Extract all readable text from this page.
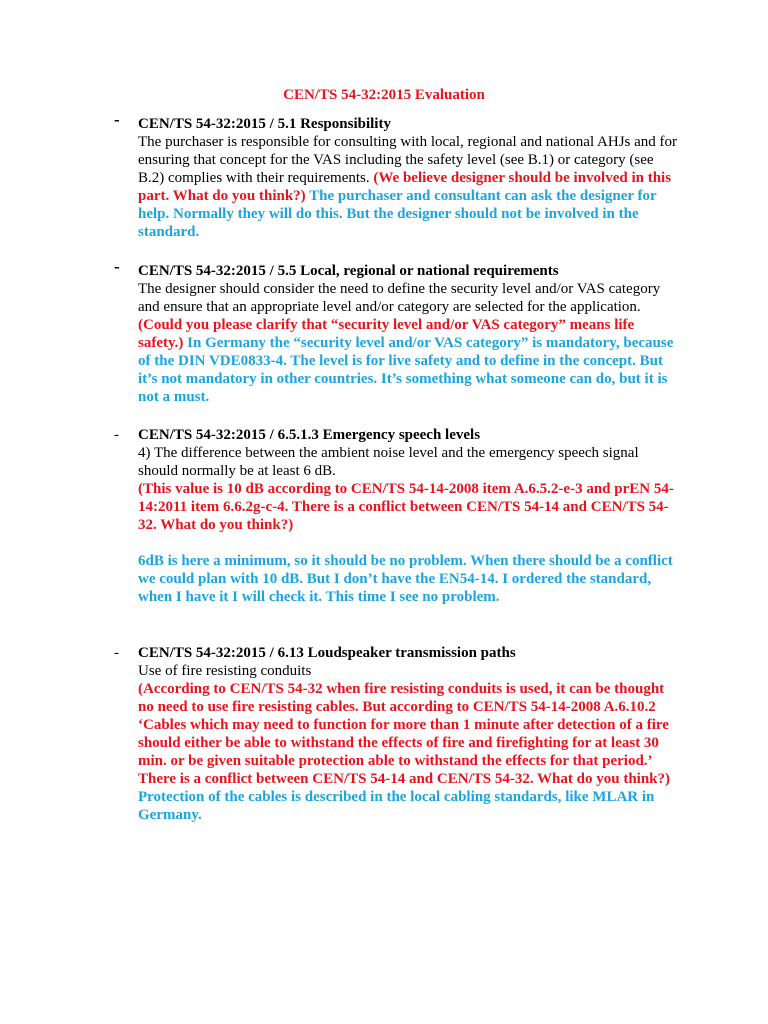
CEN/TS 54-32:2015 Evaluation
-	CEN/TS 54-32:2015 / 5.1 Responsibility
The purchaser is responsible for consulting with local, regional and national AHJs and for ensuring that concept for the VAS including the safety level (see B.1) or category (see B.2) complies with their requirements. (We believe designer should be involved in this part. What do you think?) The purchaser and consultant can ask the designer for help. Normally they will do this. But the designer should not be involved in the standard.
-	CEN/TS 54-32:2015 / 5.5 Local, regional or national requirements
The designer should consider the need to define the security level and/or VAS category and ensure that an appropriate level and/or category are selected for the application. (Could you please clarify that “security level and/or VAS category” means life safety.) In Germany the “security level and/or VAS category” is mandatory, because of the DIN VDE0833-4. The level is for live safety and to define in the concept. But it’s not mandatory in other countries. It’s something what someone can do, but it is not a must.
-	CEN/TS 54-32:2015 / 6.5.1.3 Emergency speech levels
4) The difference between the ambient noise level and the emergency speech signal should normally be at least 6 dB.
(This value is 10 dB according to CEN/TS 54-14-2008 item A.6.5.2-e-3 and prEN 54-14:2011 item 6.6.2g-c-4. There is a conflict between CEN/TS 54-14 and CEN/TS 54-32. What do you think?)
6dB is here a minimum, so it should be no problem. When there should be a conflict we could plan with 10 dB. But I don’t have the EN54-14. I ordered the standard, when I have it I will check it. This time I see no problem.
-	CEN/TS 54-32:2015 / 6.13 Loudspeaker transmission paths
Use of fire resisting conduits
(According to CEN/TS 54-32 when fire resisting conduits is used, it can be thought no need to use fire resisting cables. But according to CEN/TS 54-14-2008 A.6.10.2 ‘Cables which may need to function for more than 1 minute after detection of a fire should either be able to withstand the effects of fire and firefighting for at least 30 min. or be given suitable protection able to withstand the effects for that period.’ There is a conflict between CEN/TS 54-14 and CEN/TS 54-32. What do you think?)
Protection of the cables is described in the local cabling standards, like MLAR in Germany.
